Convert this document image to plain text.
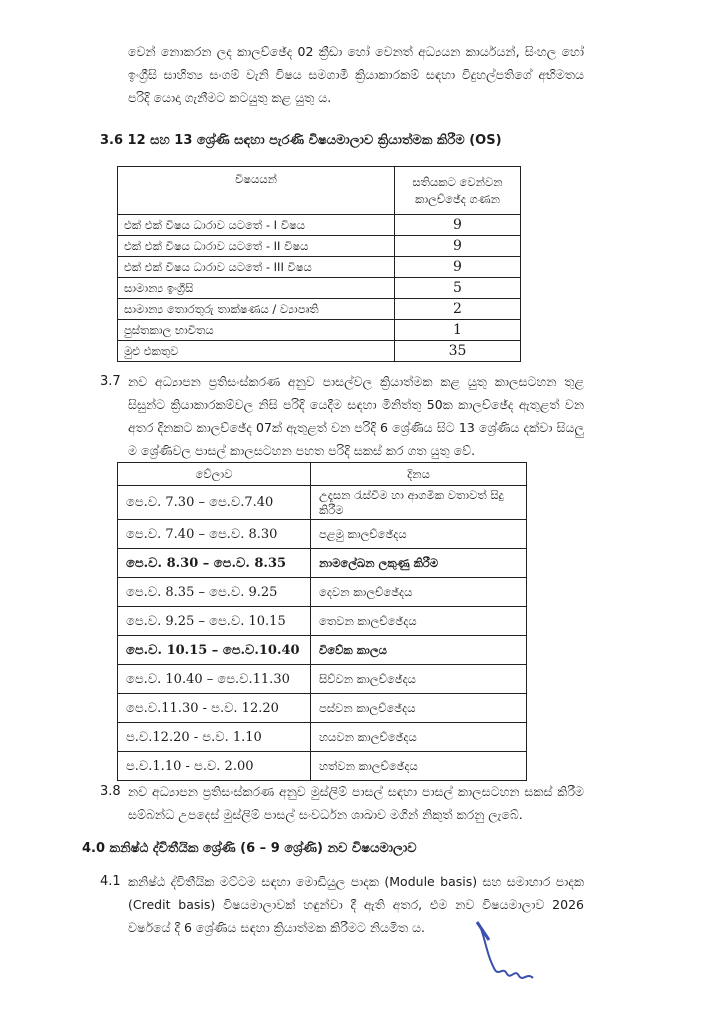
වෙන් නොකරන ලද කාලච්ඡේද 02 ක්‍රීඩා හෝ වෙනත් අධ්‍යයන කාර්යයන්, සිංහල හෝ ඉංග්‍රීසි සාහිත්‍ය සංගම් වැනි විෂය සමගාමී ක්‍රියාකාරකම් සඳහා විදුහල්පතිගේ අභිමතය පරිදි යොදා ගැනීමට කටයුතු කළ යුතු ය.
3.6 12 සහ 13 ශ්‍රේණි සඳහා පැරණි විෂයමාලාව ක්‍රියාත්මක කිරීම (OS)
විෂයයන්	සතියකට වෙන්වන කාලච්ඡේද ගණන
එක් එක් විෂය ධාරාව යටතේ - I විෂය	9
එක් එක් විෂය ධාරාව යටතේ - II විෂය	9
එක් එක් විෂය ධාරාව යටතේ - III විෂය	9
සාමාන්‍ය ඉංග්‍රීසි	5
සාමාන්‍ය තොරතුරු තාක්ෂණය / ව්‍යාපෘති	2
පුස්තකාල භාවිතය	1
මුළු එකතුව	35
3.7 නව අධ්‍යාපන ප්‍රතිසංස්කරණ අනුව පාසල්වල ක්‍රියාත්මක කළ යුතු කාලසටහන තුළ සිසුන්ට ක්‍රියාකාරකම්වල නිසි පරිදි යෙදීම සඳහා මිනිත්තු 50ක කාලච්ඡේද ඇතුළත් වන අතර දිනකට කාලච්ඡේද 07ක් ඇතුළත් වන පරිදි 6 ශ්‍රේණිය සිට 13 ශ්‍රේණිය දක්වා සියලු ම ශ්‍රේණිවල පාසල් කාලසටහන පහත පරිදි සකස් කර ගත යුතු වේ.
වේලාව	දිනය
පෙ.ව. 7.30 – පෙ.ව.7.40	උදෑසන රැස්වීම හා ආගමික වතාවත් සිදු කිරීම
පෙ.ව. 7.40 – පෙ.ව. 8.30	පළමු කාලච්ඡේදය
පෙ.ව. 8.30 – පෙ.ව. 8.35	නාමලේඛන ලකුණු කිරීම
පෙ.ව. 8.35 – පෙ.ව. 9.25	දෙවන කාලච්ඡේදය
පෙ.ව. 9.25 – පෙ.ව. 10.15	තෙවන කාලච්ඡේදය
පෙ.ව. 10.15 – පෙ.ව.10.40	විවේක කාලය
පෙ.ව. 10.40 – පෙ.ව.11.30	සිව්වන කාලච්ඡේදය
පෙ.ව.11.30 - ප.ව. 12.20	පස්වන කාලච්ඡේදය
ප.ව.12.20 - ප.ව. 1.10	හයවන කාලච්ඡේදය
ප.ව.1.10 - ප.ව. 2.00	හත්වන කාලච්ඡේදය
3.8 නව අධ්‍යාපන ප්‍රතිසංස්කරණ අනුව මුස්ලිම් පාසල් සඳහා පාසල් කාලසටහන සකස් කිරීම සම්බන්ධ උපදෙස් මුස්ලිම් පාසල් සංවර්ධන ශාඛාව මගින් නිකුත් කරනු ලැබේ.
4.0 කනිෂ්ඨ ද්විතීයික ශ්‍රේණි (6 – 9 ශ්‍රේණි) නව විෂයමාලාව
4.1 කනිෂ්ඨ ද්විතීයික මට්ටම සඳහා මොඩියුල පාදක (Module basis) සහ සමාහාර පාදක (Credit basis) විෂයමාලාවක් හඳුන්වා දී ඇති අතර, එම නව විෂයමාලාව 2026 වර්ෂයේ දී 6 ශ්‍රේණිය සඳහා ක්‍රියාත්මක කිරීමට නියමිත ය.
